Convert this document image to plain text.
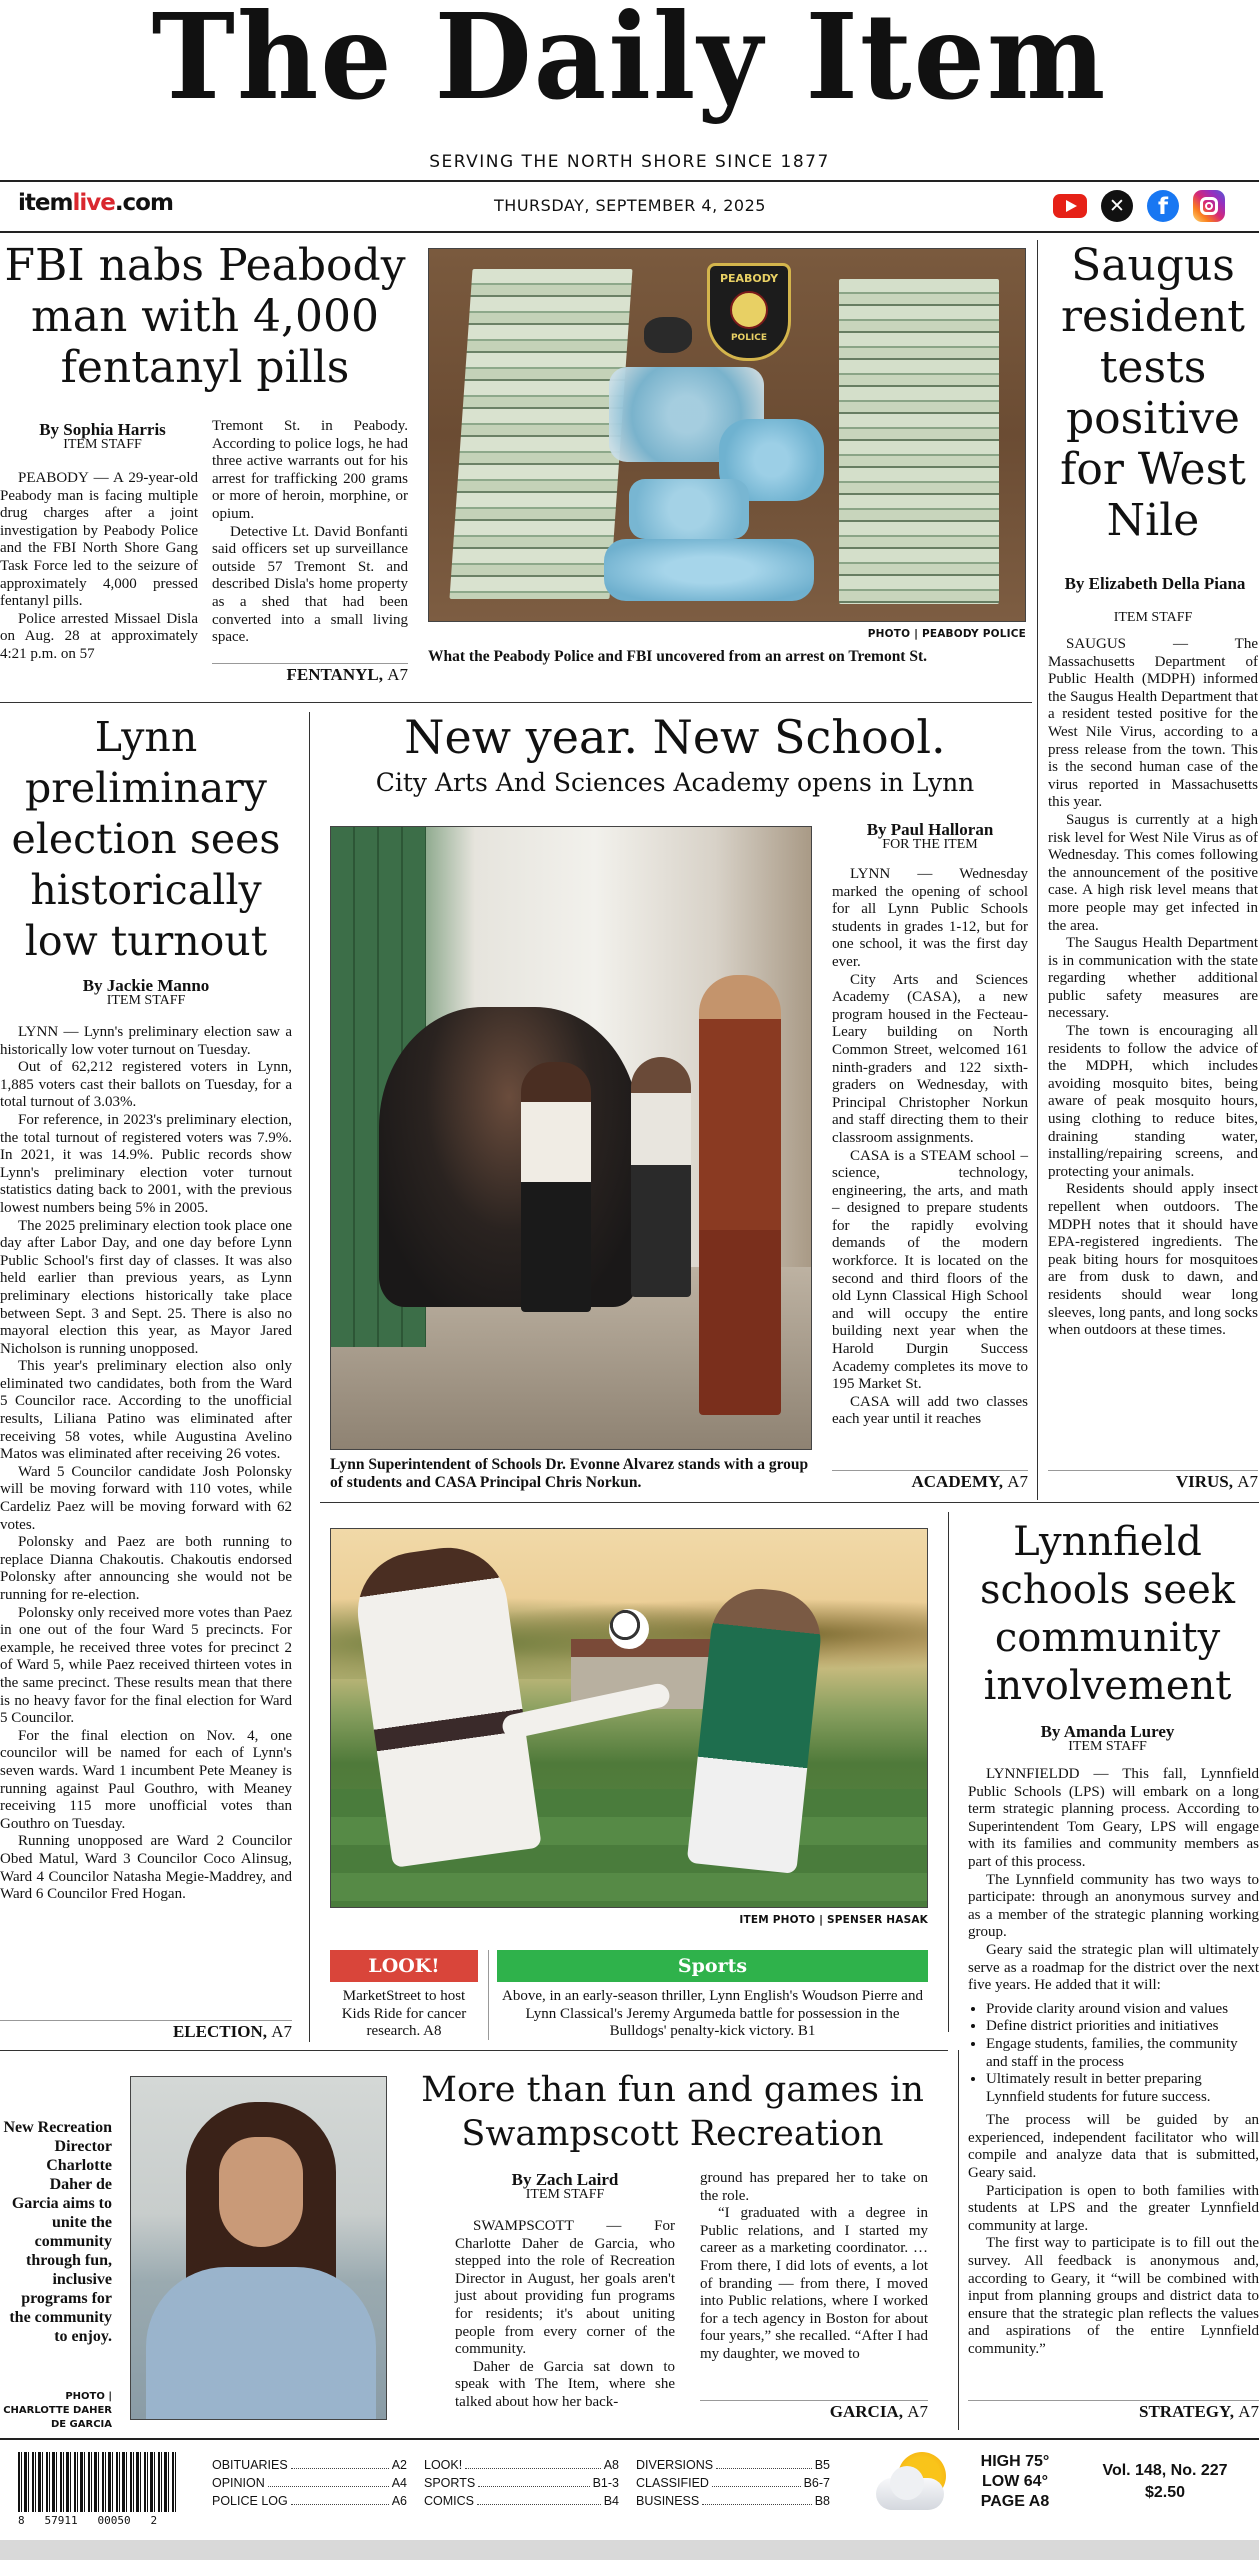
The Daily Item
SERVING THE NORTH SHORE SINCE 1877
itemlive.com	THURSDAY, SEPTEMBER 4, 2025	✕	f
FBI nabs Peabody man with 4,000 fentanyl pills
By Sophia Harris
ITEM STAFF

PEABODY — A 29-year-old Peabody man is facing multiple drug charges after a joint investigation by Peabody Police and the FBI North Shore Gang Task Force led to the seizure of approximately 4,000 pressed fentanyl pills.

Police arrested Missael Disla on Aug. 28 at approximately 4:21 p.m. on 57

Tremont St. in Peabody. According to police logs, he had three active warrants out for his arrest for trafficking 200 grams or more of heroin, morphine, or opium.

Detective Lt. David Bonfanti said officers set up surveillance outside 57 Tremont St. and described Disla's home property as a shed that had been converted into a small living space.

FENTANYL, A7
PEABODY
POLICE
PHOTO | PEABODY POLICE
What the Peabody Police and FBI uncovered from an arrest on Tremont St.
Saugus resident tests positive for West Nile
By Elizabeth Della Piana
ITEM STAFF

SAUGUS — The Massachusetts Department of Public Health (MDPH) informed the Saugus Health Department that a resident tested positive for the West Nile Virus, according to a press release from the town. This is the second human case of the virus reported in Massachusetts this year.

Saugus is currently at a high risk level for West Nile Virus as of Wednesday. This comes following the announcement of the positive case. A high risk level means that more people may get infected in the area.

The Saugus Health Department is in communication with the state regarding whether additional public safety measures are necessary.

The town is encouraging all residents to follow the advice of the MDPH, which includes avoiding mosquito bites, being aware of peak mosquito hours, using clothing to reduce bites, draining standing water, installing/repairing screens, and protecting your animals.

Residents should apply insect repellent when outdoors. The MDPH notes that it should have EPA-registered ingredients. The peak biting hours for mosquitoes are from dusk to dawn, and residents should wear long sleeves, long pants, and long socks when outdoors at these times.

VIRUS, A7
Lynn preliminary election sees historically low turnout
By Jackie Manno
ITEM STAFF

LYNN — Lynn's preliminary election saw a historically low voter turnout on Tuesday.

Out of 62,212 registered voters in Lynn, 1,885 voters cast their ballots on Tuesday, for a total turnout of 3.03%.

For reference, in 2023's preliminary election, the total turnout of registered voters was 7.9%. In 2021, it was 14.9%. Public records show Lynn's preliminary election voter turnout statistics dating back to 2001, with the previous lowest numbers being 5% in 2005.

The 2025 preliminary election took place one day after Labor Day, and one day before Lynn Public School's first day of classes. It was also held earlier than previous years, as Lynn preliminary elections historically take place between Sept. 3 and Sept. 25. There is also no mayoral election this year, as Mayor Jared Nicholson is running unopposed.

This year's preliminary election also only eliminated two candidates, both from the Ward 5 Councilor race. According to the unofficial results, Liliana Patino was eliminated after receiving 58 votes, while Augustina Avelino Matos was eliminated after receiving 26 votes.

Ward 5 Councilor candidate Josh Polonsky will be moving forward with 110 votes, while Cardeliz Paez will be moving forward with 62 votes.

Polonsky and Paez are both running to replace Dianna Chakoutis. Chakoutis endorsed Polonsky after announcing she would not be running for re-election.

Polonsky only received more votes than Paez in one out of the four Ward 5 precincts. For example, he received three votes for precinct 2 of Ward 5, while Paez received thirteen votes in the same precinct. These results mean that there is no heavy favor for the final election for Ward 5 Councilor.

For the final election on Nov. 4, one councilor will be named for each of Lynn's seven wards. Ward 1 incumbent Pete Meaney is running against Paul Gouthro, with Meaney receiving 115 more unofficial votes than Gouthro on Tuesday.

Running unopposed are Ward 2 Councilor Obed Matul, Ward 3 Councilor Coco Alinsug, Ward 4 Councilor Natasha Megie-Maddrey, and Ward 6 Councilor Fred Hogan.

ELECTION, A7
New year. New School.
City Arts And Sciences Academy opens in Lynn
Lynn Superintendent of Schools Dr. Evonne Alvarez stands with a group of students and CASA Principal Chris Norkun.
By Paul Halloran
FOR THE ITEM

LYNN — Wednesday marked the opening of school for all Lynn Public Schools students in grades 1-12, but for one school, it was the first day ever.

City Arts and Sciences Academy (CASA), a new program housed in the Fecteau-Leary building on North Common Street, welcomed 161 ninth-graders and 122 sixth-graders on Wednesday, with Principal Christopher Norkun and staff directing them to their classroom assignments.

CASA is a STEAM school – science, technology, engineering, the arts, and math – designed to prepare students for the rapidly evolving demands of the modern workforce. It is located on the second and third floors of the old Lynn Classical High School and will occupy the entire building next year when the Harold Durgin Success Academy completes its move to 195 Market St.

CASA will add two classes each year until it reaches

ACADEMY, A7
ITEM PHOTO | SPENSER HASAK
LOOK!
MarketStreet to host Kids Ride for cancer research. A8
Sports
Above, in an early-season thriller, Lynn English's Woudson Pierre and Lynn Classical's Jeremy Argumeda battle for possession in the Bulldogs' penalty-kick victory. B1
Lynnfield schools seek community involvement
By Amanda Lurey
ITEM STAFF

LYNNFIELDD — This fall, Lynnfield Public Schools (LPS) will embark on a long term strategic planning process. According to Superintendent Tom Geary, LPS will engage with its families and community members as part of this process.

The Lynnfield community has two ways to participate: through an anonymous survey and as a member of the strategic planning working group.

Geary said the strategic plan will ultimately serve as a roadmap for the district over the next five years. He added that it will:

• Provide clarity around vision and values
• Define district priorities and initiatives
• Engage students, families, the community and staff in the process
• Ultimately result in better preparing Lynnfield students for future success.

The process will be guided by an experienced, independent facilitator who will compile and analyze data that is submitted, Geary said.

Participation is open to both families with students at LPS and the greater Lynnfield community at large.

The first way to participate is to fill out the survey. All feedback is anonymous and, according to Geary, it “will be combined with input from planning groups and district data to ensure that the strategic plan reflects the values and aspirations of the entire Lynnfield community.”

STRATEGY, A7
New Recreation Director Charlotte Daher de Garcia aims to unite the community through fun, inclusive programs for the community to enjoy.
PHOTO | CHARLOTTE DAHER DE GARCIA
More than fun and games in Swampscott Recreation
By Zach Laird
ITEM STAFF

SWAMPSCOTT — For Charlotte Daher de Garcia, who stepped into the role of Recreation Director in August, her goals aren't just about providing fun programs for residents; it's about uniting people from every corner of the community.

Daher de Garcia sat down to speak with The Item, where she talked about how her back-

ground has prepared her to take on the role.

“I graduated with a degree in Public relations, and I started my career as a marketing coordinator. … From there, I did lots of events, a lot of branding — from there, I moved into Public relations, where I worked for a tech agency in Boston for about four years,” she recalled. “After I had my daughter, we moved to

GARCIA, A7
8   57911   00050   2
OBITUARIES	A2
OPINION	A4
POLICE LOG	A6
LOOK!	A8
SPORTS	B1-3
COMICS	B4
DIVERSIONS	B5
CLASSIFIED	B6-7
BUSINESS	B8
HIGH 75°
LOW 64°
PAGE A8
Vol. 148, No. 227
$2.50
